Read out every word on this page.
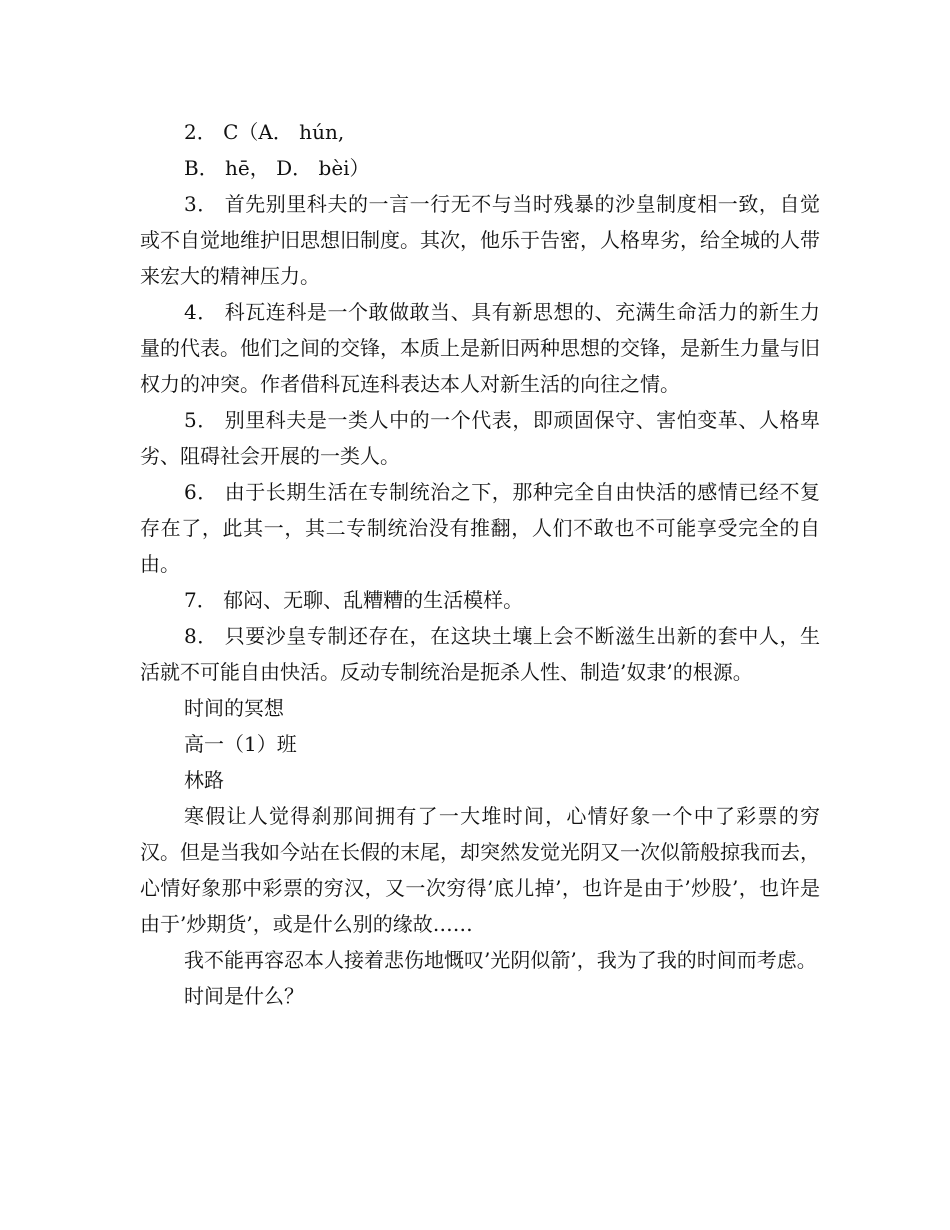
2． C（A． hún,

B． hē， D． bèi）

3． 首先别里科夫的一言一行无不与当时残暴的沙皇制度相一致，自觉或不自觉地维护旧思想旧制度。其次，他乐于告密，人格卑劣，给全城的人带来宏大的精神压力。

4． 科瓦连科是一个敢做敢当、具有新思想的、充满生命活力的新生力量的代表。他们之间的交锋，本质上是新旧两种思想的交锋，是新生力量与旧权力的冲突。作者借科瓦连科表达本人对新生活的向往之情。

5． 别里科夫是一类人中的一个代表，即顽固保守、害怕变革、人格卑劣、阻碍社会开展的一类人。

6． 由于长期生活在专制统治之下，那种完全自由快活的感情已经不复存在了，此其一，其二专制统治没有推翻，人们不敢也不可能享受完全的自由。

7． 郁闷、无聊、乱糟糟的生活模样。

8． 只要沙皇专制还存在，在这块土壤上会不断滋生出新的套中人，生活就不可能自由快活。反动专制统治是扼杀人性、制造’奴隶’的根源。

时间的冥想

高一（1）班

林路

寒假让人觉得刹那间拥有了一大堆时间，心情好象一个中了彩票的穷汉。但是当我如今站在长假的末尾，却突然发觉光阴又一次似箭般掠我而去，心情好象那中彩票的穷汉，又一次穷得’底儿掉’，也许是由于’炒股’，也许是由于’炒期货’，或是什么别的缘故……

我不能再容忍本人接着悲伤地慨叹’光阴似箭’，我为了我的时间而考虑。

时间是什么？
